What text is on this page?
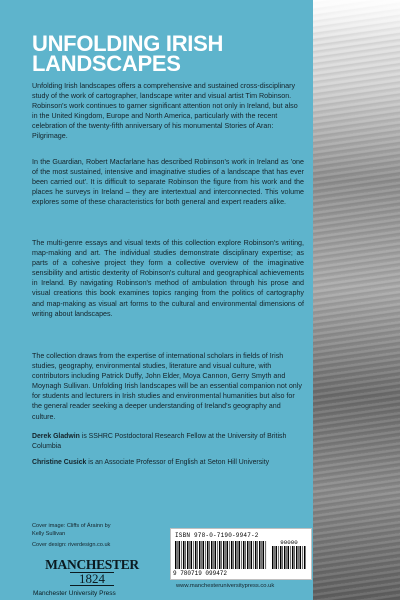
UNFOLDING IRISH
LANDSCAPES

Unfolding Irish landscapes offers a comprehensive and sustained cross-disciplinary study of the work of cartographer, landscape writer and visual artist Tim Robinson. Robinson's work continues to garner significant attention not only in Ireland, but also in the United Kingdom, Europe and North America, particularly with the recent celebration of the twenty-fifth anniversary of his monumental Stories of Aran: Pilgrimage.

In the Guardian, Robert Macfarlane has described Robinson's work in Ireland as 'one of the most sustained, intensive and imaginative studies of a landscape that has ever been carried out'. It is difficult to separate Robinson the figure from his work and the places he surveys in Ireland – they are intertextual and interconnected. This volume explores some of these characteristics for both general and expert readers alike.

The multi-genre essays and visual texts of this collection explore Robinson's writing, map-making and art. The individual studies demonstrate disciplinary expertise; as parts of a cohesive project they form a collective overview of the imaginative sensibility and artistic dexterity of Robinson's cultural and geographical achievements in Ireland. By navigating Robinson's method of ambulation through his prose and visual creations this book examines topics ranging from the politics of cartography and map-making as visual art forms to the cultural and environmental dimensions of writing about landscapes.

The collection draws from the expertise of international scholars in fields of Irish studies, geography, environmental studies, literature and visual culture, with contributors including Patrick Duffy, John Elder, Moya Cannon, Gerry Smyth and Moynagh Sullivan. Unfolding Irish landscapes will be an essential companion not only for students and lecturers in Irish studies and environmental humanities but also for the general reader seeking a deeper understanding of Ireland's geography and culture.

Derek Gladwin is SSHRC Postdoctoral Research Fellow at the University of British Columbia

Christine Cusick is an Associate Professor of English at Seton Hill University

Cover image: Cliffs of Árainn by
Kelly Sullivan
Cover design: riverdesign.co.uk
MANCHESTER
1824
Manchester University Press
ISBN 978-0-7190-9947-2
90000
9 780719 099472
www.manchesteruniversitypress.co.uk
